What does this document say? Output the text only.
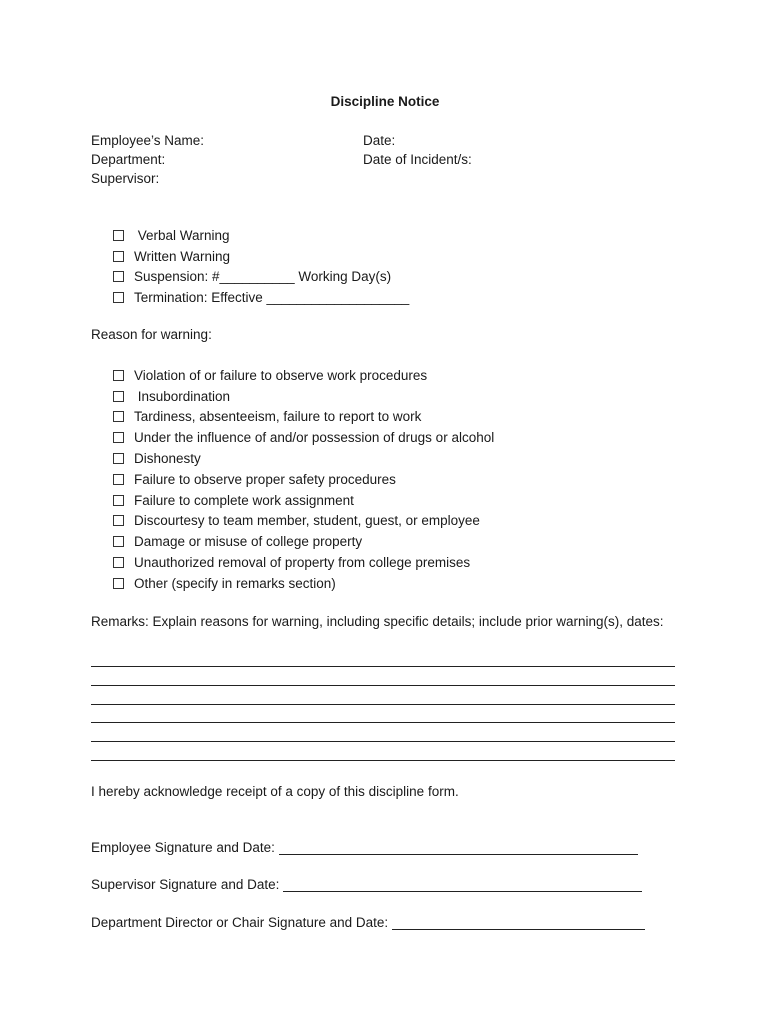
Discipline Notice
Employee’s Name:
Department:
Supervisor:
Date:
Date of Incident/s:
Verbal Warning
Written Warning
Suspension: #__________ Working Day(s)
Termination: Effective ___________________
Reason for warning:
Violation of or failure to observe work procedures
Insubordination
Tardiness, absenteeism, failure to report to work
Under the influence of and/or possession of drugs or alcohol
Dishonesty
Failure to observe proper safety procedures
Failure to complete work assignment
Discourtesy to team member, student, guest, or employee
Damage or misuse of college property
Unauthorized removal of property from college premises
Other (specify in remarks section)
Remarks: Explain reasons for warning, including specific details; include prior warning(s), dates:
I hereby acknowledge receipt of a copy of this discipline form.
Employee Signature and Date:
Supervisor Signature and Date:
Department Director or Chair Signature and Date:
